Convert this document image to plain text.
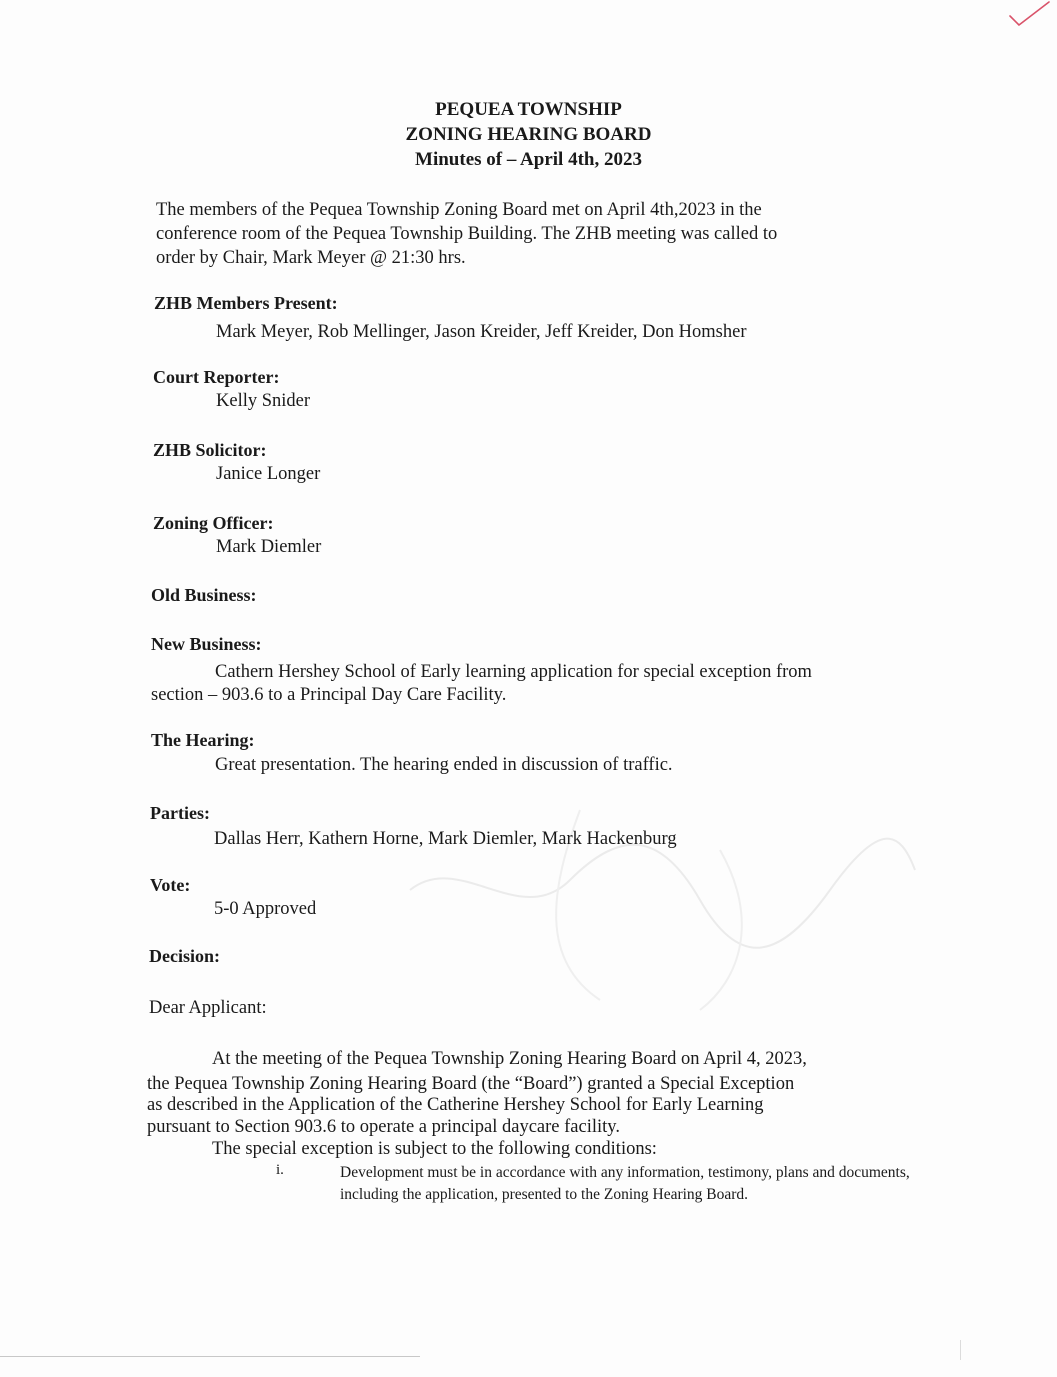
PEQUEA TOWNSHIP
ZONING HEARING BOARD
Minutes of – April 4th, 2023
The members of the Pequea Township Zoning Board met on April 4th,2023 in the
conference room of the Pequea Township Building. The ZHB meeting was called to
order by Chair, Mark Meyer @ 21:30 hrs.
ZHB Members Present:
Mark Meyer, Rob Mellinger, Jason Kreider, Jeff Kreider, Don Homsher
Court Reporter:
Kelly Snider
ZHB Solicitor:
Janice Longer
Zoning Officer:
Mark Diemler
Old Business:
New Business:
Cathern Hershey School of Early learning application for special exception from
section – 903.6 to a Principal Day Care Facility.
The Hearing:
Great presentation. The hearing ended in discussion of traffic.
Parties:
Dallas Herr, Kathern Horne, Mark Diemler, Mark Hackenburg
Vote:
5-0 Approved
Decision:
Dear Applicant:
At the meeting of the Pequea Township Zoning Hearing Board on April 4, 2023,
the Pequea Township Zoning Hearing Board (the “Board”) granted a Special Exception
as described in the Application of the Catherine Hershey School for Early Learning
pursuant to Section 903.6 to operate a principal daycare facility.
The special exception is subject to the following conditions:
i.	Development must be in accordance with any information, testimony, plans and documents, including the application, presented to the Zoning Hearing Board.
